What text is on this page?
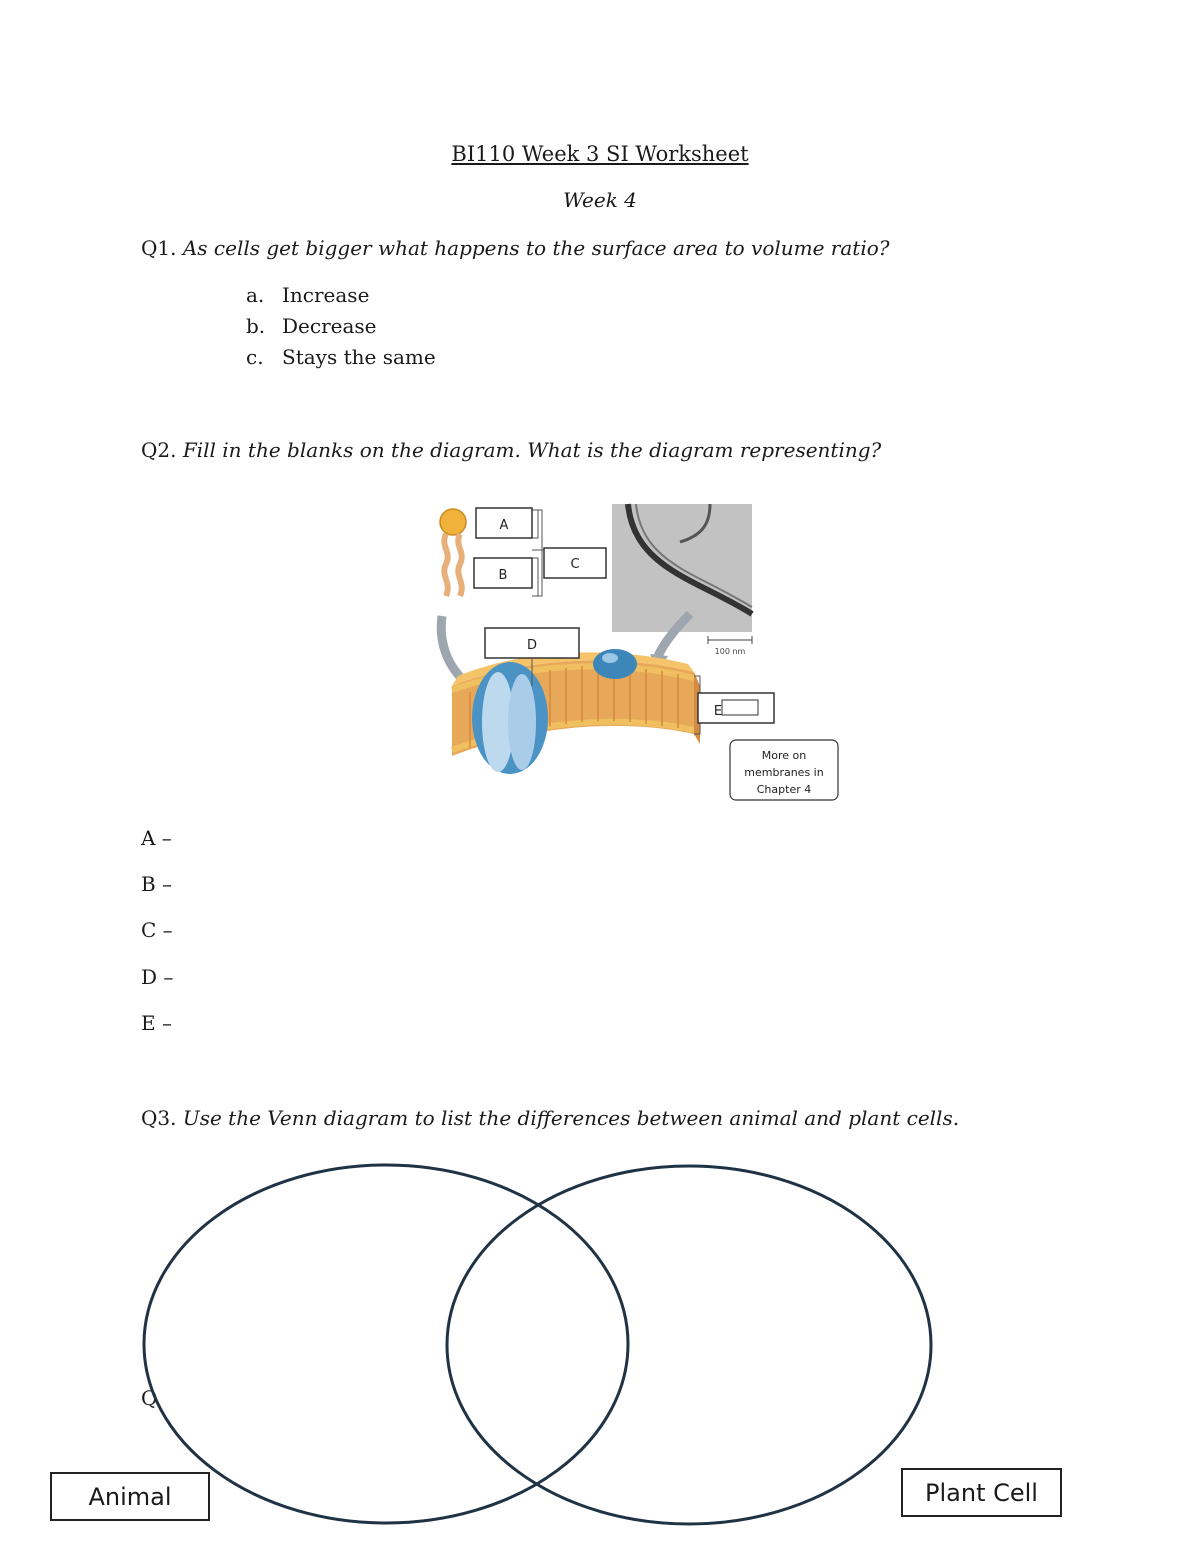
BI110 Week 3 SI Worksheet
Week 4
Q1. As cells get bigger what happens to the surface area to volume ratio?
a. Increase
b. Decrease
c. Stays the same
Q2. Fill in the blanks on the diagram. What is the diagram representing?
100 nm
A
B
C
D
E
More on
membranes in
Chapter 4
A –
B –
C –
D –
E –
Q3. Use the Venn diagram to list the differences between animal and plant cells.
Q
Animal	Plant Cell
